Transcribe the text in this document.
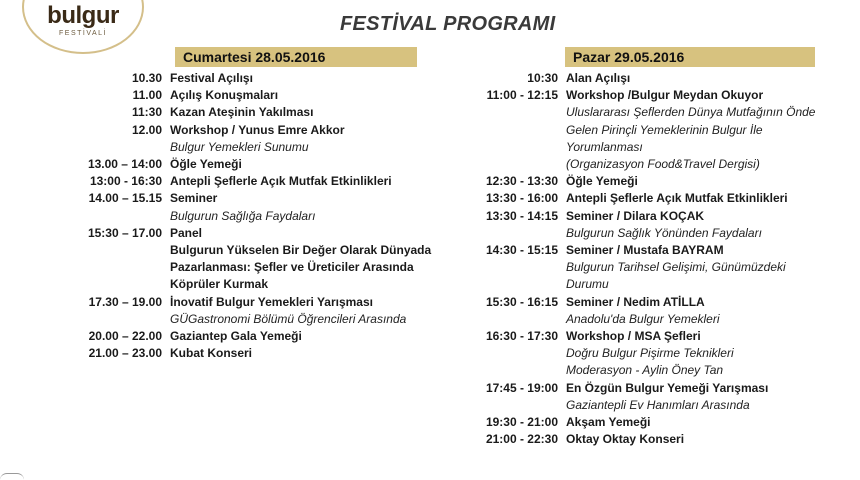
bulgur
FESTİVALİ	FESTİVAL PROGRAMI
Cumartesi 28.05.2016	Pazar 29.05.2016
10.30 Festival Açılışı
11.00 Açılış Konuşmaları
11:30 Kazan Ateşinin Yakılması
12.00 Workshop / Yunus Emre Akkor
Bulgur Yemekleri Sunumu
13.00 – 14:00 Öğle Yemeği
13:00 - 16:30 Antepli Şeflerle Açık Mutfak Etkinlikleri
14.00 – 15.15 Seminer
Bulgurun Sağlığa Faydaları
15:30 – 17.00 Panel
Bulgurun Yükselen Bir Değer Olarak Dünyada
Pazarlanması: Şefler ve Üreticiler Arasında
Köprüler Kurmak
17.30 – 19.00 İnovatif Bulgur Yemekleri Yarışması
GÜGastronomi Bölümü Öğrencileri Arasında
20.00 – 22.00 Gaziantep Gala Yemeği
21.00 – 23.00 Kubat Konseri
10:30 Alan Açılışı
11:00 - 12:15 Workshop /Bulgur Meydan Okuyor
Uluslararası Şeflerden Dünya Mutfağının Önde
Gelen Pirinçli Yemeklerinin Bulgur İle
Yorumlanması
(Organizasyon Food&Travel Dergisi)
12:30 - 13:30 Öğle Yemeği
13:30 - 16:00 Antepli Şeflerle Açık Mutfak Etkinlikleri
13:30 - 14:15 Seminer / Dilara KOÇAK
Bulgurun Sağlık Yönünden Faydaları
14:30 - 15:15 Seminer / Mustafa BAYRAM
Bulgurun Tarihsel Gelişimi, Günümüzdeki
Durumu
15:30 - 16:15 Seminer / Nedim ATİLLA
Anadolu'da Bulgur Yemekleri
16:30 - 17:30 Workshop / MSA Şefleri
Doğru Bulgur Pişirme Teknikleri
Moderasyon - Aylin Öney Tan
17:45 - 19:00 En Özgün Bulgur Yemeği Yarışması
Gaziantepli Ev Hanımları Arasında
19:30 - 21:00 Akşam Yemeği
21:00 - 22:30 Oktay Oktay Konseri
